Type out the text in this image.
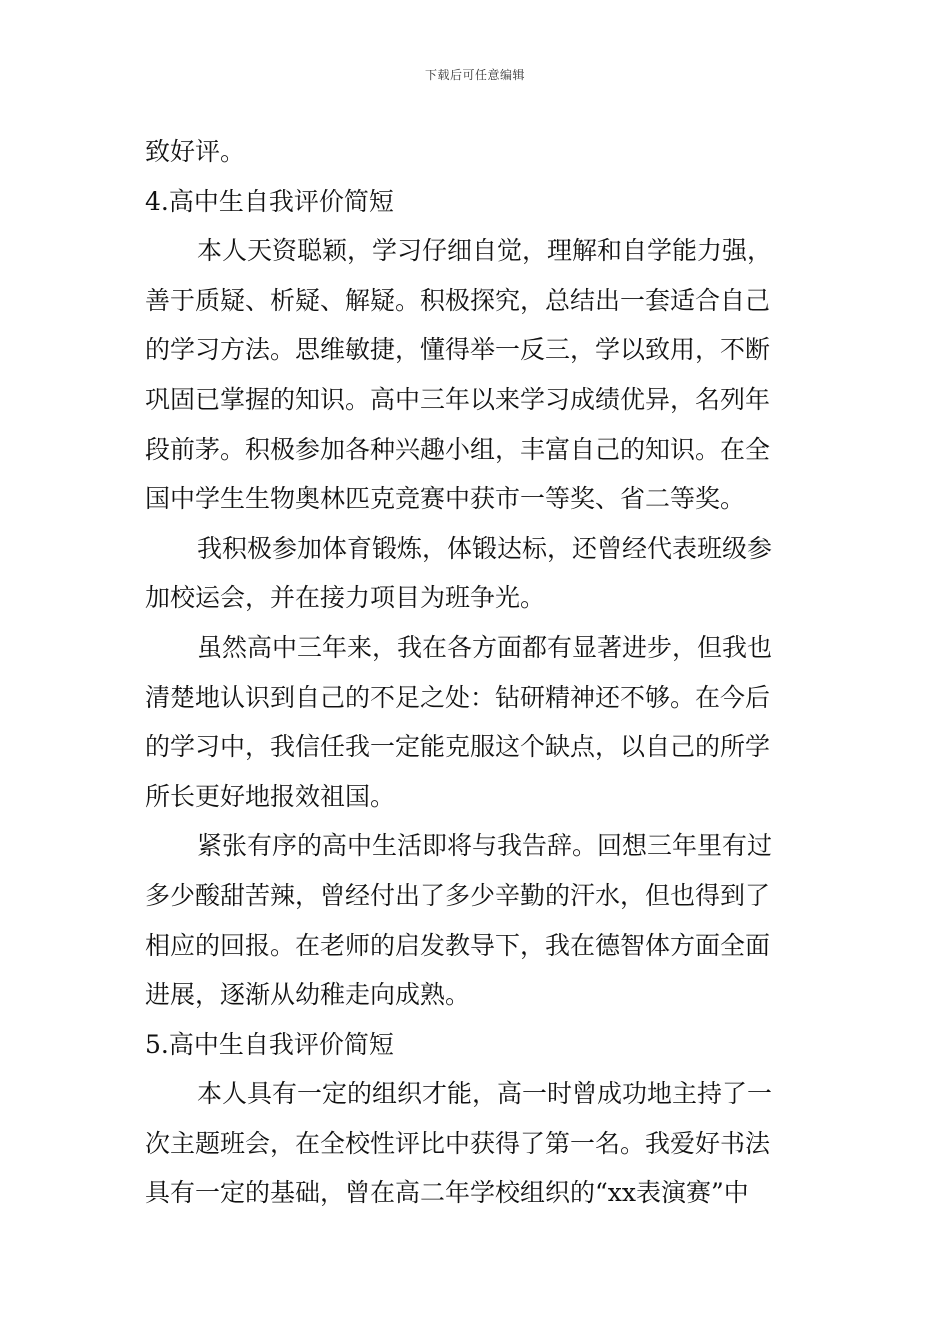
下载后可任意编辑
致好评。
4.高中生自我评价简短
本人天资聪颖，学习仔细自觉，理解和自学能力强，
善于质疑、析疑、解疑。积极探究，总结出一套适合自己
的学习方法。思维敏捷，懂得举一反三，学以致用，不断
巩固已掌握的知识。高中三年以来学习成绩优异，名列年
段前茅。积极参加各种兴趣小组，丰富自己的知识。在全
国中学生生物奥林匹克竞赛中获市一等奖、省二等奖。
我积极参加体育锻炼，体锻达标，还曾经代表班级参
加校运会，并在接力项目为班争光。
虽然高中三年来，我在各方面都有显著进步，但我也
清楚地认识到自己的不足之处：钻研精神还不够。在今后
的学习中，我信任我一定能克服这个缺点，以自己的所学
所长更好地报效祖国。
紧张有序的高中生活即将与我告辞。回想三年里有过
多少酸甜苦辣，曾经付出了多少辛勤的汗水，但也得到了
相应的回报。在老师的启发教导下，我在德智体方面全面
进展，逐渐从幼稚走向成熟。
5.高中生自我评价简短
本人具有一定的组织才能，高一时曾成功地主持了一
次主题班会，在全校性评比中获得了第一名。我爱好书法
具有一定的基础，曾在高二年学校组织的“xx表演赛”中
